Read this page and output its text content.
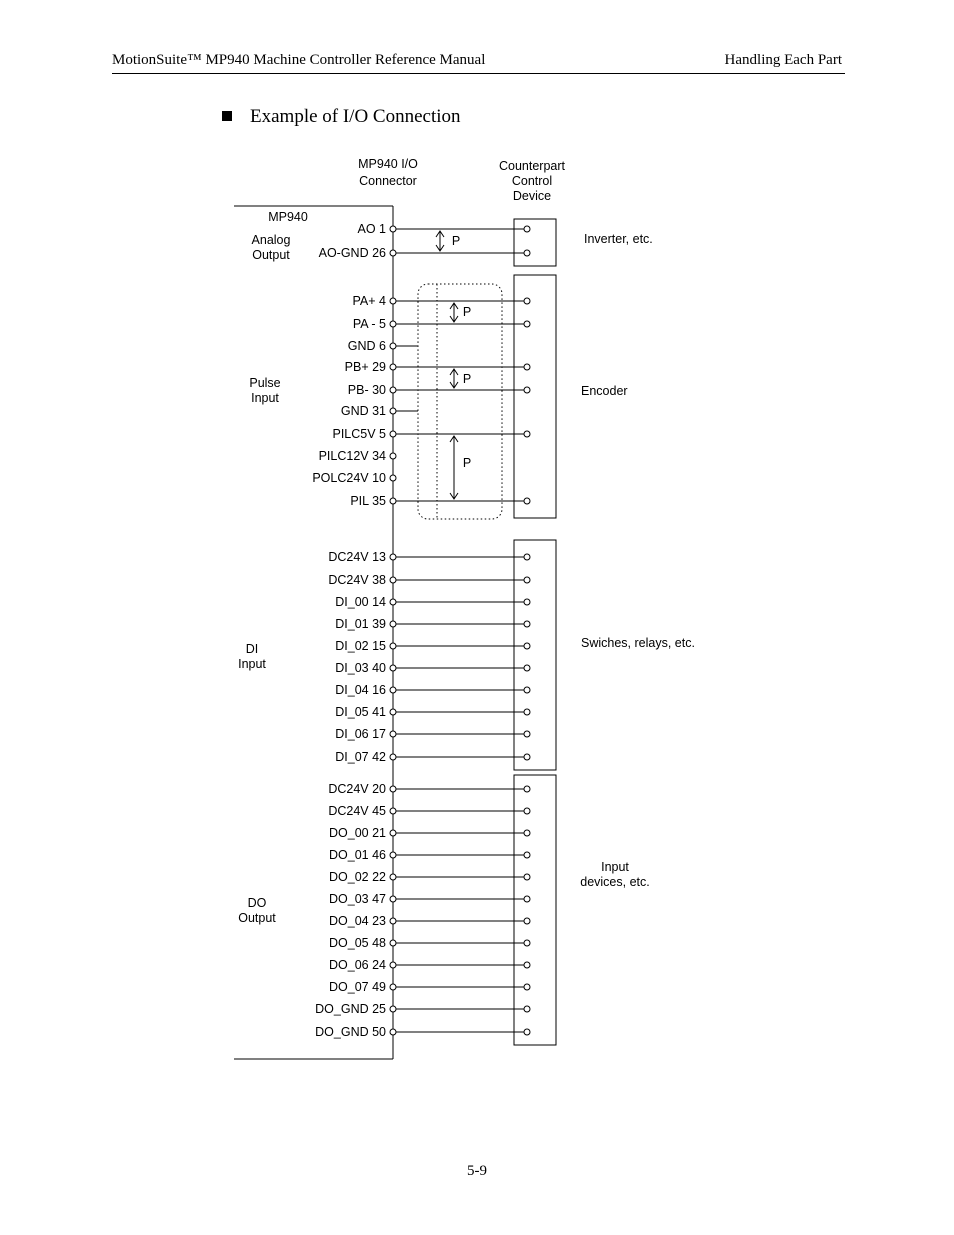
MotionSuite™ MP940 Machine Controller Reference Manual	Handling Each Part
Example of I/O Connection
MP940 I/O
Connector
Counterpart
Control
Device
MP940
Analog
Output
Inverter, etc.
AO 1
AO-GND 26
Pulse
Input	Encoder
PA+ 4
PA - 5
GND 6
PB+ 29
PB- 30
GND 31
PILC5V 5
PILC12V 34
POLC24V 10
PIL 35
DI
Input
Swiches, relays, etc.
DC24V 13
DC24V 38
DI_00 14
DI_01 39
DI_02 15
DI_03 40
DI_04 16
DI_05 41
DI_06 17
DI_07 42
DO
Output
Input
devices, etc.
DC24V 20
DC24V 45
DO_00 21
DO_01 46
DO_02 22
DO_03 47
DO_04 23
DO_05 48
DO_06 24
DO_07 49
DO_GND 25
DO_GND 50
P
P
P
P
5-9
